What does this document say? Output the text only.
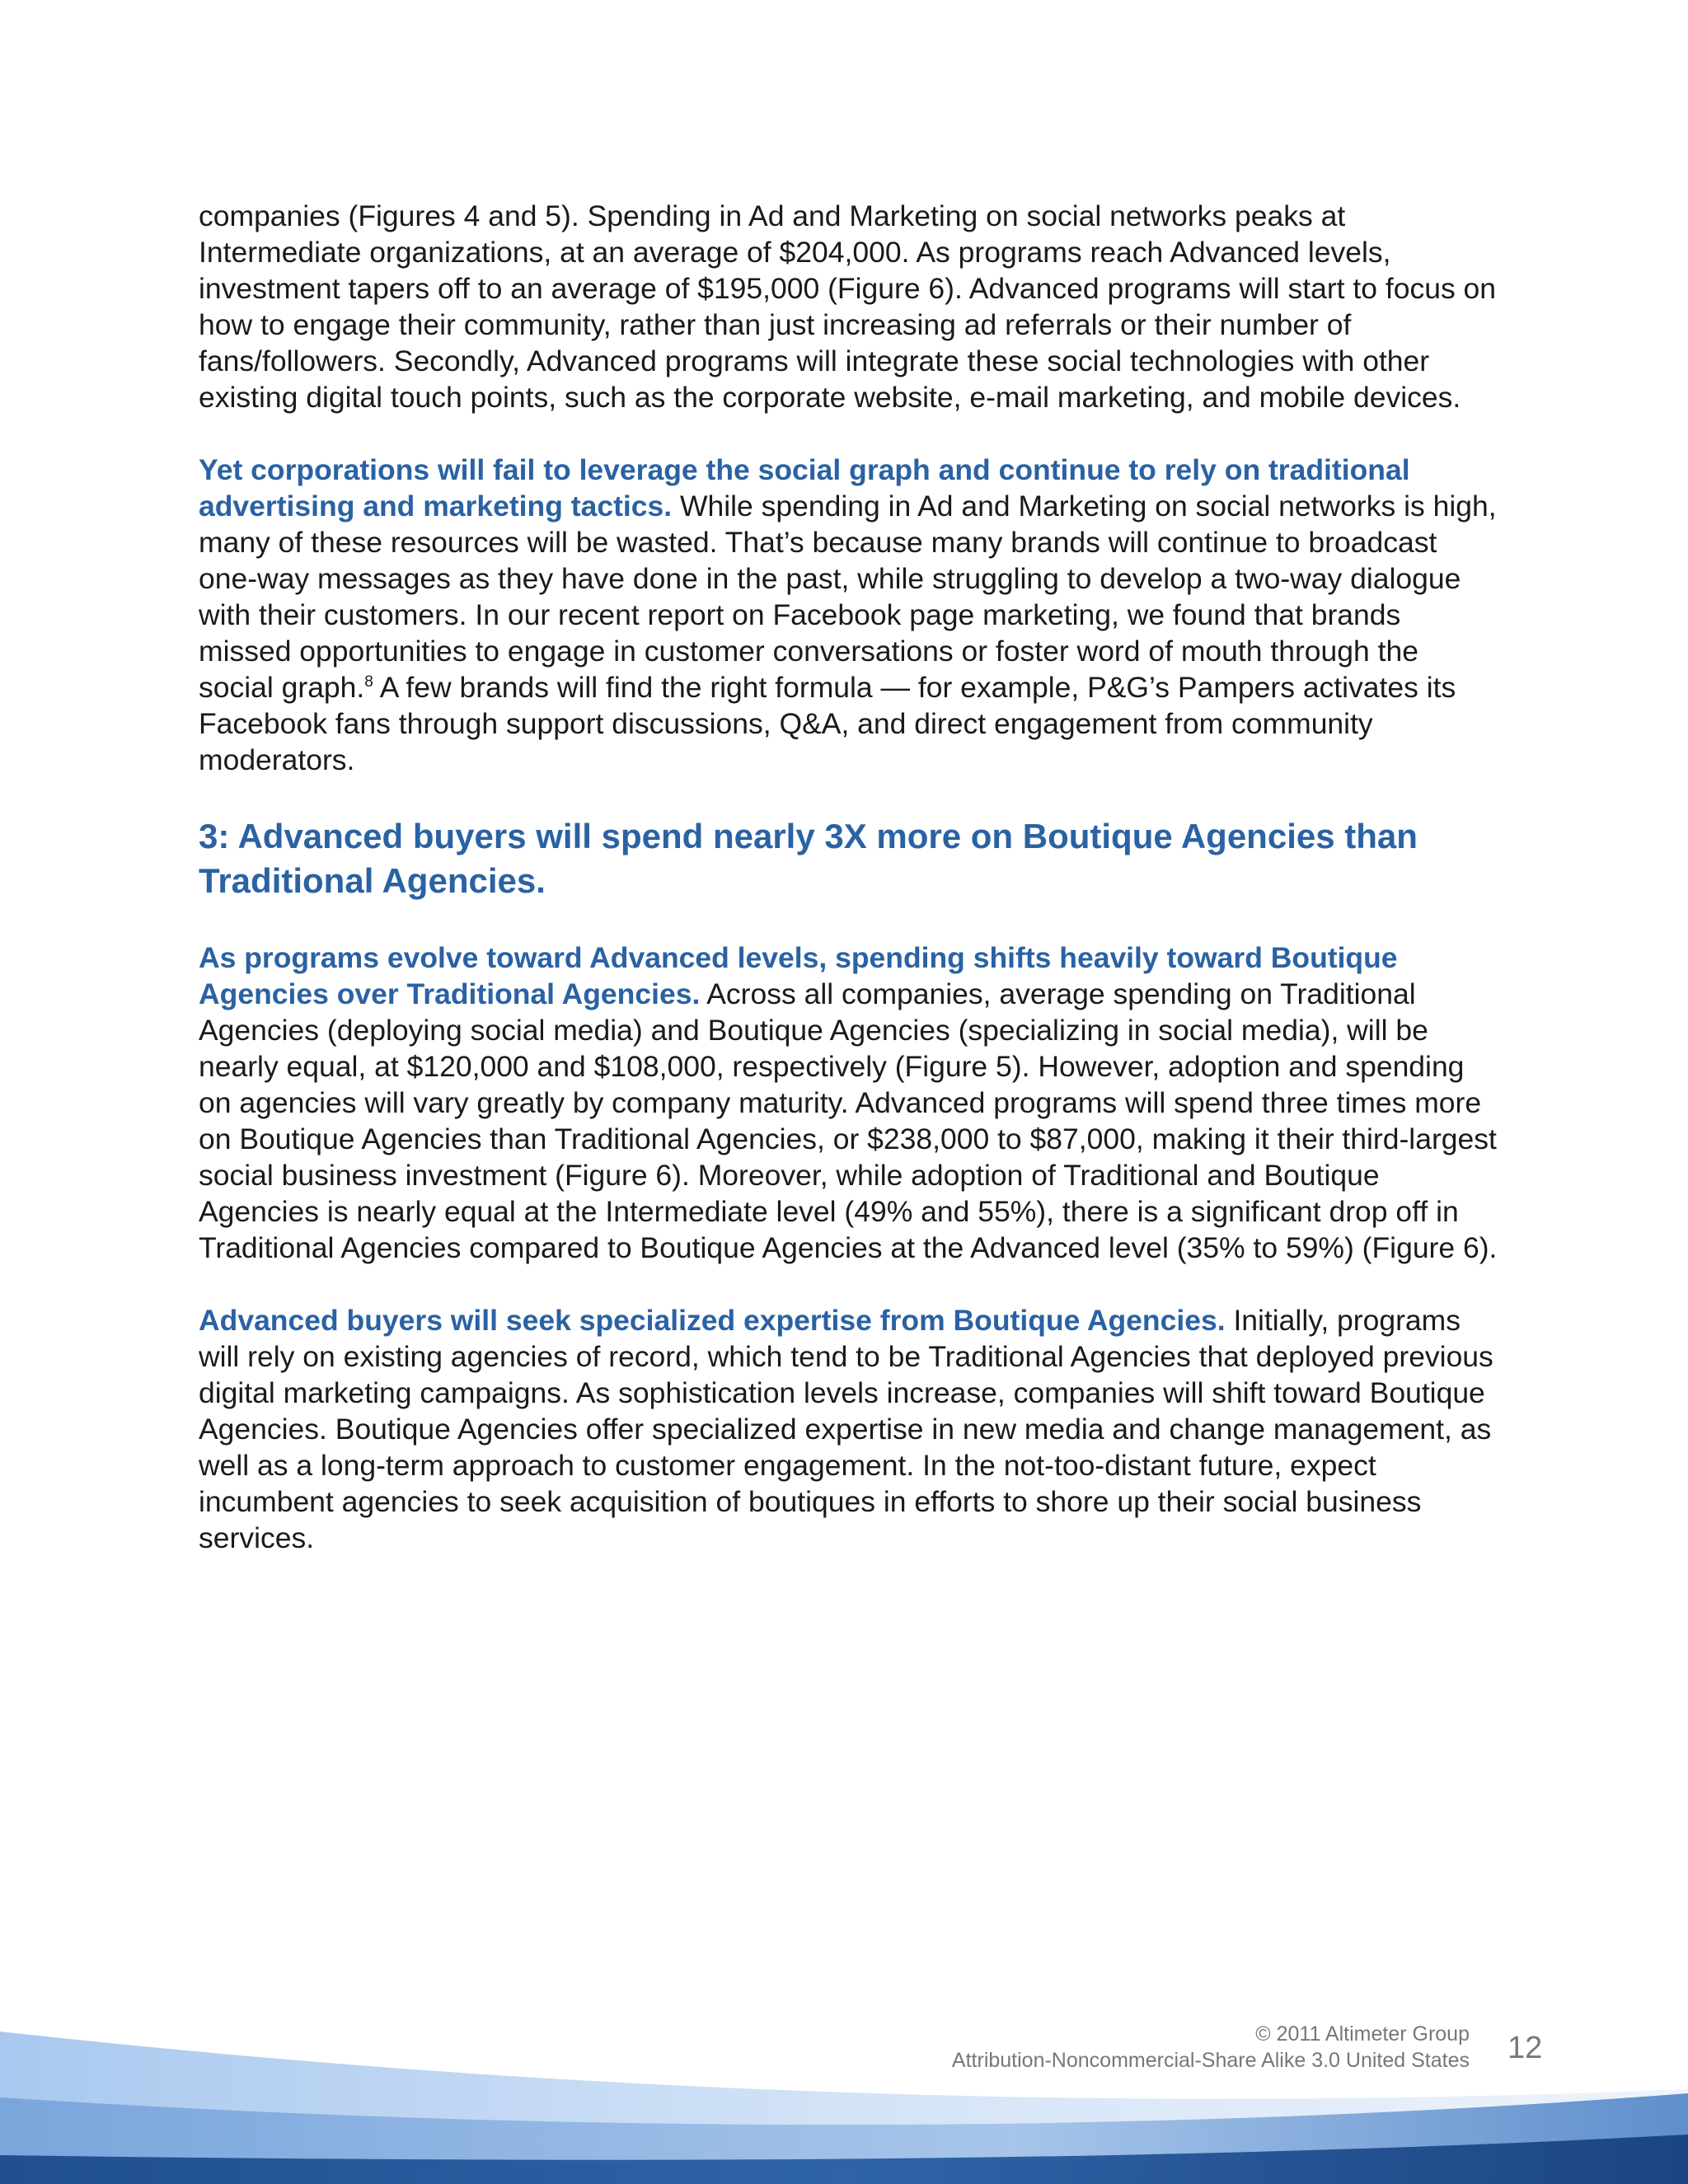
companies (Figures 4 and 5). Spending in Ad and Marketing on social networks peaks at Intermediate organizations, at an average of $204,000. As programs reach Advanced levels, investment tapers off to an average of $195,000 (Figure 6). Advanced programs will start to focus on how to engage their community, rather than just increasing ad referrals or their number of fans/followers. Secondly, Advanced programs will integrate these social technologies with other existing digital touch points, such as the corporate website, e-mail marketing, and mobile devices.

Yet corporations will fail to leverage the social graph and continue to rely on traditional advertising and marketing tactics. While spending in Ad and Marketing on social networks is high, many of these resources will be wasted. That’s because many brands will continue to broadcast one-way messages as they have done in the past, while struggling to develop a two-way dialogue with their customers. In our recent report on Facebook page marketing, we found that brands missed opportunities to engage in customer conversations or foster word of mouth through the social graph.$^8$ A few brands will find the right formula — for example, P&G’s Pampers activates its Facebook fans through support discussions, Q&A, and direct engagement from community moderators.

3: Advanced buyers will spend nearly 3X more on Boutique Agencies than Traditional Agencies.

As programs evolve toward Advanced levels, spending shifts heavily toward Boutique Agencies over Traditional Agencies. Across all companies, average spending on Traditional Agencies (deploying social media) and Boutique Agencies (specializing in social media), will be nearly equal, at $120,000 and $108,000, respectively (Figure 5). However, adoption and spending on agencies will vary greatly by company maturity. Advanced programs will spend three times more on Boutique Agencies than Traditional Agencies, or $238,000 to $87,000, making it their third-largest social business investment (Figure 6). Moreover, while adoption of Traditional and Boutique Agencies is nearly equal at the Intermediate level (49% and 55%), there is a significant drop off in Traditional Agencies compared to Boutique Agencies at the Advanced level (35% to 59%) (Figure 6).

Advanced buyers will seek specialized expertise from Boutique Agencies. Initially, programs will rely on existing agencies of record, which tend to be Traditional Agencies that deployed previous digital marketing campaigns. As sophistication levels increase, companies will shift toward Boutique Agencies. Boutique Agencies offer specialized expertise in new media and change management, as well as a long-term approach to customer engagement. In the not-too-distant future, expect incumbent agencies to seek acquisition of boutiques in efforts to shore up their social business services.

© 2011 Altimeter Group
Attribution-Noncommercial-Share Alike 3.0 United States 12
